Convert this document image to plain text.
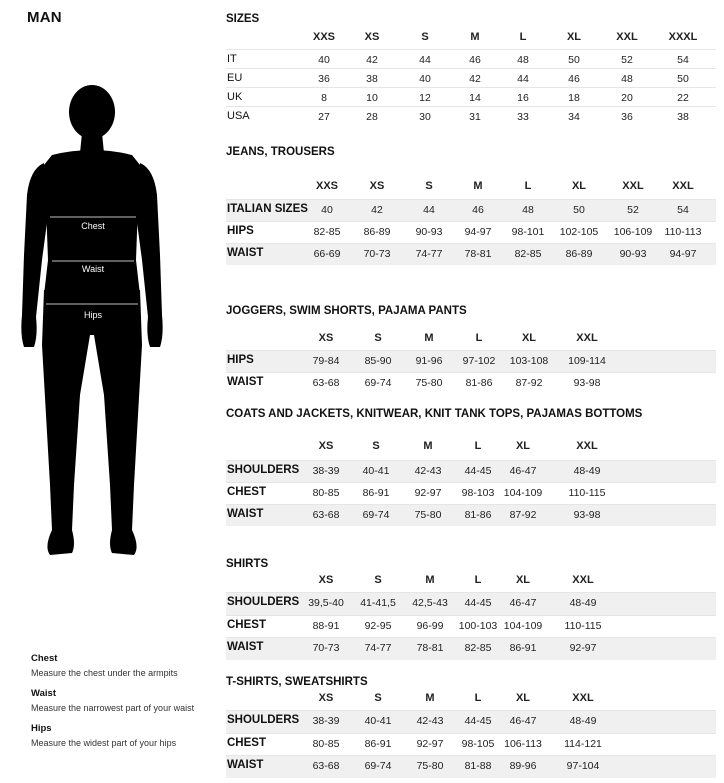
MAN
Chest
Waist
Hips
Chest
Measure the chest under the armpits
Waist
Measure the narrowest part of your waist
Hips
Measure the widest part of your hips
SIZES
XXS	XS	S	M	L	XL	XXL	XXXL
IT	40	42	44	46	48	50	52	54
EU	36	38	40	42	44	46	48	50
UK	8	10	12	14	16	18	20	22
USA	27	28	30	31	33	34	36	38
JEANS, TROUSERS
XXS	XS	S	M	L	XL	XXL	XXL
ITALIAN SIZES 40	42	44	46	48	50	52	54
HIPS	82-85 86-89 90-93 94-97 98-101 102-105 106-109 110-113
WAIST	66-69 70-73 74-77 78-81 82-85 86-89	90-93 94-97
JOGGERS, SWIM SHORTS, PAJAMA PANTS
XS	S	M	L	XL	XXL
HIPS	79-84 85-90 91-96 97-102 103-108 109-114
WAIST	63-68 69-74 75-80 81-86 87-92	93-98
COATS AND JACKETS, KNITWEAR, KNIT TANK TOPS, PAJAMAS BOTTOMS
XS	S	M	L	XL	XXL
SHOULDERS 38-39 40-41 42-43 44-45 46-47	48-49
CHEST	80-85 86-91 92-97 98-103 104-109 110-115
WAIST	63-68 69-74 75-80 81-86 87-92	93-98
SHIRTS
XS	S	M	L	XL	XXL
SHOULDERS 39,5-40 41-41,5 42,5-43 44-45 46-47	48-49
CHEST	88-91 92-95 96-99 100-103 104-109 110-115
WAIST	70-73 74-77 78-81 82-85 86-91	92-97
T-SHIRTS, SWEATSHIRTS
XS	S	M	L	XL	XXL
SHOULDERS 38-39 40-41 42-43 44-45 46-47	48-49
CHEST	80-85 86-91 92-97 98-105 106-113 114-121
WAIST	63-68 69-74 75-80 81-88 89-96	97-104
